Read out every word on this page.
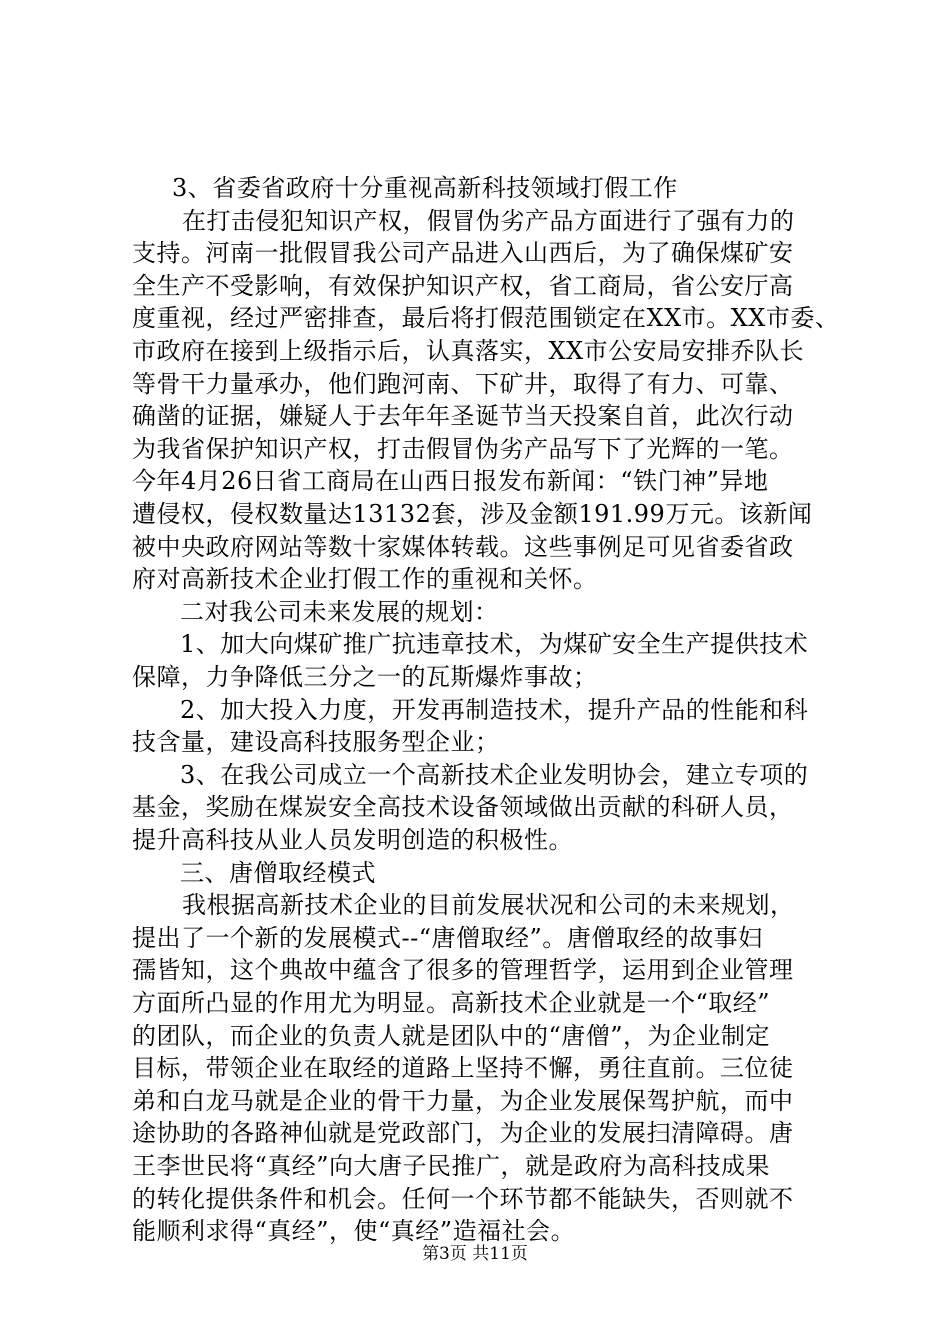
3、省委省政府十分重视高新科技领域打假工作
在打击侵犯知识产权，假冒伪劣产品方面进行了强有力的
支持。河南一批假冒我公司产品进入山西后，为了确保煤矿安
全生产不受影响，有效保护知识产权，省工商局，省公安厅高
度重视，经过严密排查，最后将打假范围锁定在XX市。XX市委、
市政府在接到上级指示后，认真落实，XX市公安局安排乔队长
等骨干力量承办，他们跑河南、下矿井，取得了有力、可靠、
确凿的证据，嫌疑人于去年年圣诞节当天投案自首，此次行动
为我省保护知识产权，打击假冒伪劣产品写下了光辉的一笔。
今年4月26日省工商局在山西日报发布新闻：“铁门神”异地
遭侵权，侵权数量达13132套，涉及金额191.99万元。该新闻
被中央政府网站等数十家媒体转载。这些事例足可见省委省政
府对高新技术企业打假工作的重视和关怀。
二对我公司未来发展的规划：
1、加大向煤矿推广抗违章技术，为煤矿安全生产提供技术
保障，力争降低三分之一的瓦斯爆炸事故；
2、加大投入力度，开发再制造技术，提升产品的性能和科
技含量，建设高科技服务型企业；
3、在我公司成立一个高新技术企业发明协会，建立专项的
基金，奖励在煤炭安全高技术设备领域做出贡献的科研人员，
提升高科技从业人员发明创造的积极性。
三、唐僧取经模式
我根据高新技术企业的目前发展状况和公司的未来规划，
提出了一个新的发展模式--“唐僧取经”。唐僧取经的故事妇
孺皆知，这个典故中蕴含了很多的管理哲学，运用到企业管理
方面所凸显的作用尤为明显。高新技术企业就是一个“取经”
的团队，而企业的负责人就是团队中的“唐僧”，为企业制定
目标，带领企业在取经的道路上坚持不懈，勇往直前。三位徒
弟和白龙马就是企业的骨干力量，为企业发展保驾护航，而中
途协助的各路神仙就是党政部门，为企业的发展扫清障碍。唐
王李世民将“真经”向大唐子民推广，就是政府为高科技成果
的转化提供条件和机会。任何一个环节都不能缺失，否则就不
能顺利求得“真经”，使“真经”造福社会。
第3页 共11页
